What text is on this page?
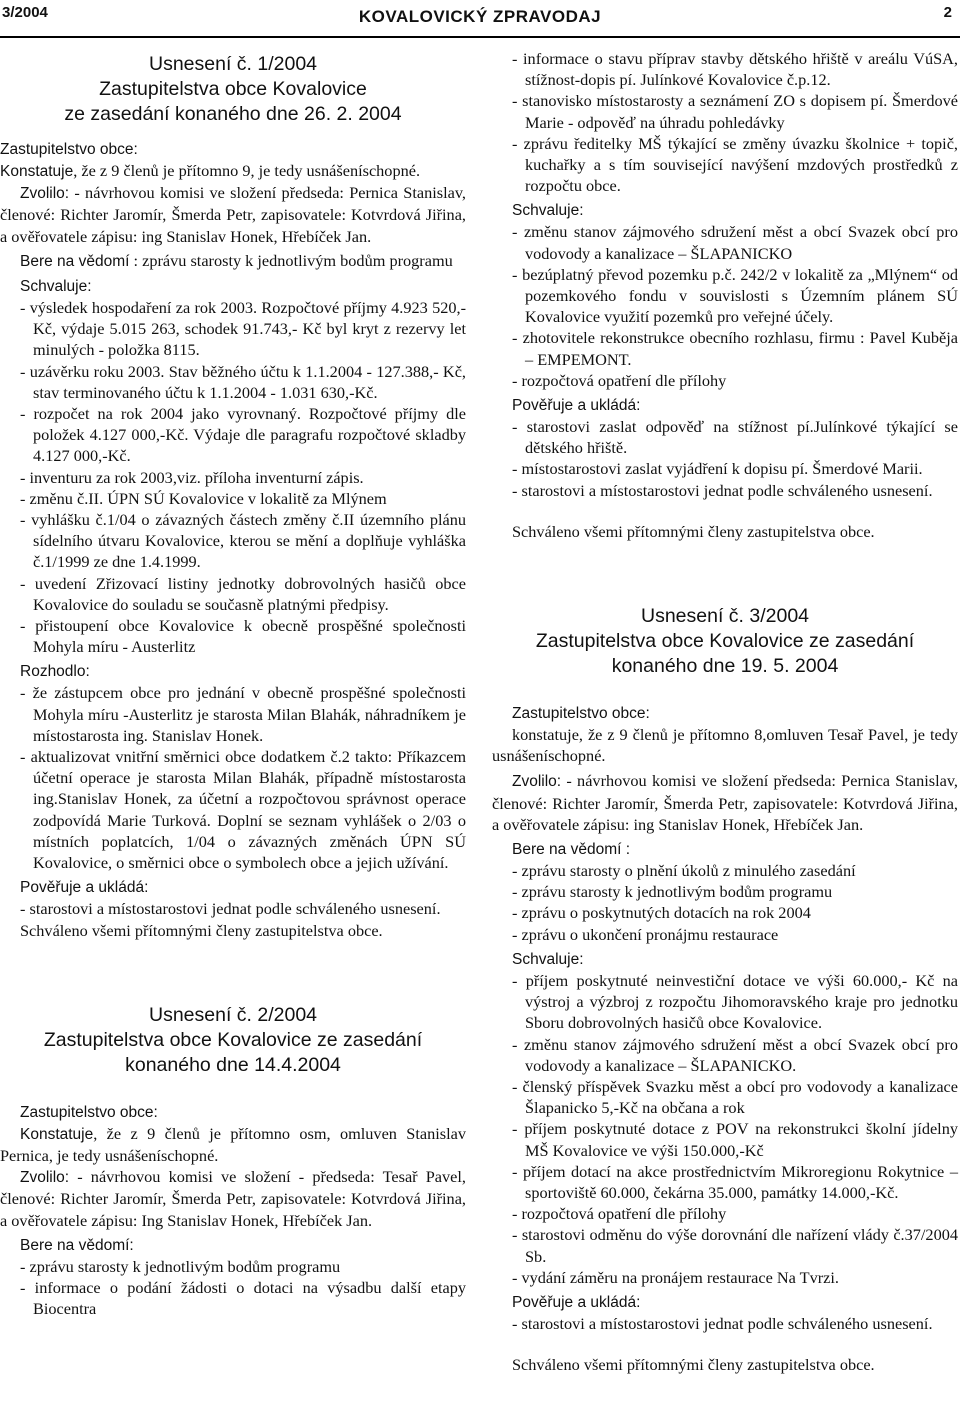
3/2004	KOVALOVICKÝ ZPRAVODAJ	2
Usnesení č. 1/2004
Zastupitelstva obce Kovalovice
ze zasedání konaného dne 26. 2. 2004
Zastupitelstvo obce:

Konstatuje, že z 9 členů je přítomno 9, je tedy usnášeníschopné.

Zvolilo: - návrhovou komisi ve složení předseda: Pernica Stanislav, členové: Richter Jaromír, Šmerda Petr, zapisovatele: Kotvrdová Jiřina, a ověřovatele zápisu: ing Stanislav Honek, Hřebíček Jan.

Bere na vědomí : zprávu starosty k jednotlivým bodům programu

Schvaluje:
- výsledek hospodaření za rok 2003. Rozpočtové příjmy 4.923 520,-Kč, výdaje 5.015 263, schodek 91.743,- Kč byl kryt z rezervy let minulých - položka 8115.
- uzávěrku roku 2003. Stav běžného účtu k 1.1.2004 - 127.388,- Kč, stav terminovaného účtu k 1.1.2004 - 1.031 630,-Kč.
- rozpočet na rok 2004 jako vyrovnaný. Rozpočtové příjmy dle položek 4.127 000,-Kč. Výdaje dle paragrafu rozpočtové skladby 4.127 000,-Kč.
- inventuru za rok 2003,viz. příloha inventurní zápis.
- změnu č.II. ÚPN SÚ Kovalovice v lokalitě za Mlýnem
- vyhlášku č.1/04 o závazných částech změny č.II územního plánu sídelního útvaru Kovalovice, kterou se mění a doplňuje vyhláška č.1/1999 ze dne 1.4.1999.
- uvedení Zřizovací listiny jednotky dobrovolných hasičů obce Kovalovice do souladu se současně platnými předpisy.
- přistoupení obce Kovalovice k obecně prospěšné společnosti Mohyla míru - Austerlitz
Rozhodlo:
- že zástupcem obce pro jednání v obecně prospěšné společnosti Mohyla míru -Austerlitz je starosta Milan Blahák, náhradníkem je místostarosta ing. Stanislav Honek.
- aktualizovat vnitřní směrnici obce dodatkem č.2 takto: Příkazcem účetní operace je starosta Milan Blahák, případně místostarosta ing.Stanislav Honek, za účetní a rozpočtovou správnost operace zodpovídá Marie Turková. Doplní se seznam vyhlášek o 2/03 o místních poplatcích, 1/04 o závazných změnách ÚPN SÚ Kovalovice, o směrnici obce o symbolech obce a jejich užívání.
Pověřuje a ukládá:
- starostovi a místostarostovi jednat podle schváleného usnesení.

Schváleno všemi přítomnými členy zastupitelstva obce.

Usnesení č. 2/2004
Zastupitelstva obce Kovalovice ze zasedání
konaného dne 14.4.2004
Zastupitelstvo obce:

Konstatuje, že z 9 členů je přítomno osm, omluven Stanislav Pernica, je tedy usnášeníschopné.

Zvolilo: - návrhovou komisi ve složení - předseda: Tesař Pavel, členové: Richter Jaromír, Šmerda Petr, zapisovatele: Kotvrdová Jiřina, a ověřovatele zápisu: Ing Stanislav Honek, Hřebíček Jan.

Bere na vědomí:
- zprávu starosty k jednotlivým bodům programu
- informace o podání žádosti o dotaci na výsadbu další etapy Biocentra
- informace o stavu příprav stavby dětského hřiště v areálu VúSA, stížnost-dopis pí. Julínkové Kovalovice č.p.12.
- stanovisko místostarosty a seznámení ZO s dopisem pí. Šmerdové Marie - odpověď na úhradu pohledávky
- zprávu ředitelky MŠ týkající se změny úvazku školnice + topič, kuchařky a s tím související navýšení mzdových prostředků z rozpočtu obce.
Schvaluje:
- změnu stanov zájmového sdružení měst a obcí Svazek obcí pro vodovody a kanalizace – ŠLAPANICKO
- bezúplatný převod pozemku p.č. 242/2 v lokalitě za „Mlýnem“ od pozemkového fondu v souvislosti s Územním plánem SÚ Kovalovice využití pozemků pro veřejné účely.
- zhotovitele rekonstrukce obecního rozhlasu, firmu : Pavel Kuběja – EMPEMONT.
- rozpočtová opatření dle přílohy
Pověřuje a ukládá:
- starostovi zaslat odpověď na stížnost pí.Julínkové týkající se dětského hřiště.
- místostarostovi zaslat vyjádření k dopisu pí. Šmerdové Marii.
- starostovi a místostarostovi jednat podle schváleného usnesení.

Schváleno všemi přítomnými členy zastupitelstva obce.

Usnesení č. 3/2004
Zastupitelstva obce Kovalovice ze zasedání
konaného dne 19. 5. 2004
Zastupitelstvo obce:

konstatuje, že z 9 členů je přítomno 8,omluven Tesař Pavel, je tedy usnášeníschopné.

Zvolilo: - návrhovou komisi ve složení předseda: Pernica Stanislav, členové: Richter Jaromír, Šmerda Petr, zapisovatele: Kotvrdová Jiřina, a ověřovatele zápisu: ing Stanislav Honek, Hřebíček Jan.

Bere na vědomí :
- zprávu starosty o plnění úkolů z minulého zasedání
- zprávu starosty k jednotlivým bodům programu
- zprávu o poskytnutých dotacích na rok 2004
- zprávu o ukončení pronájmu restaurace
Schvaluje:
- příjem poskytnuté neinvestiční dotace ve výši 60.000,- Kč na výstroj a výzbroj z rozpočtu Jihomoravského kraje pro jednotku Sboru dobrovolných hasičů obce Kovalovice.
- změnu stanov zájmového sdružení měst a obcí Svazek obcí pro vodovody a kanalizace – ŠLAPANICKO.
- členský příspěvek Svazku měst a obcí pro vodovody a kanalizace Šlapanicko 5,-Kč na občana a rok
- příjem poskytnuté dotace z POV na rekonstrukci školní jídelny MŠ Kovalovice ve výši 150.000,-Kč
- příjem dotací na akce prostřednictvím Mikroregionu Rokytnice – sportoviště 60.000, čekárna 35.000, památky 14.000,-Kč.
- rozpočtová opatření dle přílohy
- starostovi odměnu do výše dorovnání dle nařízení vlády č.37/2004 Sb.
- vydání záměru na pronájem restaurace Na Tvrzi.
Pověřuje a ukládá:
- starostovi a místostarostovi jednat podle schváleného usnesení.

Schváleno všemi přítomnými členy zastupitelstva obce.
